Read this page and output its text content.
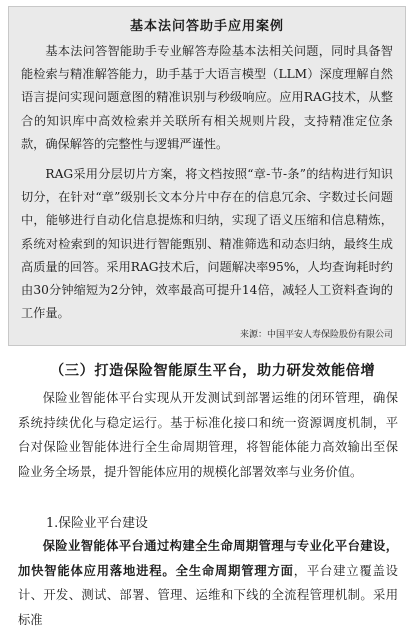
基本法问答助手应用案例

基本法问答智能助手专业解答寿险基本法相关问题，同时具备智能检索与精准解答能力，助手基于大语言模型（LLM）深度理解自然语言提问实现问题意图的精准识别与秒级响应。应用RAG技术，从整合的知识库中高效检索并关联所有相关规则片段，支持精准定位条款，确保解答的完整性与逻辑严谨性。

RAG采用分层切片方案，将文档按照“章-节-条”的结构进行知识切分，在针对“章”级别长文本分片中存在的信息冗余、字数过长问题中，能够进行自动化信息提炼和归纳，实现了语义压缩和信息精炼，系统对检索到的知识进行智能甄别、精准筛选和动态归纳，最终生成高质量的回答。采用RAG技术后，问题解决率95%，人均查询耗时约由30分钟缩短为2分钟，效率最高可提升14倍，减轻人工资料查询的工作量。

来源：中国平安人寿保险股份有限公司
（三）打造保险智能原生平台，助力研发效能倍增

保险业智能体平台实现从开发测试到部署运维的闭环管理，确保系统持续优化与稳定运行。基于标准化接口和统一资源调度机制，平台对保险业智能体进行全生命周期管理，将智能体能力高效输出至保险业务全场景，提升智能体应用的规模化部署效率与业务价值。

1.保险业平台建设

保险业智能体平台通过构建全生命周期管理与专业化平台建设，加快智能体应用落地进程。全生命周期管理方面，平台建立覆盖设计、开发、测试、部署、管理、运维和下线的全流程管理机制。采用标准
